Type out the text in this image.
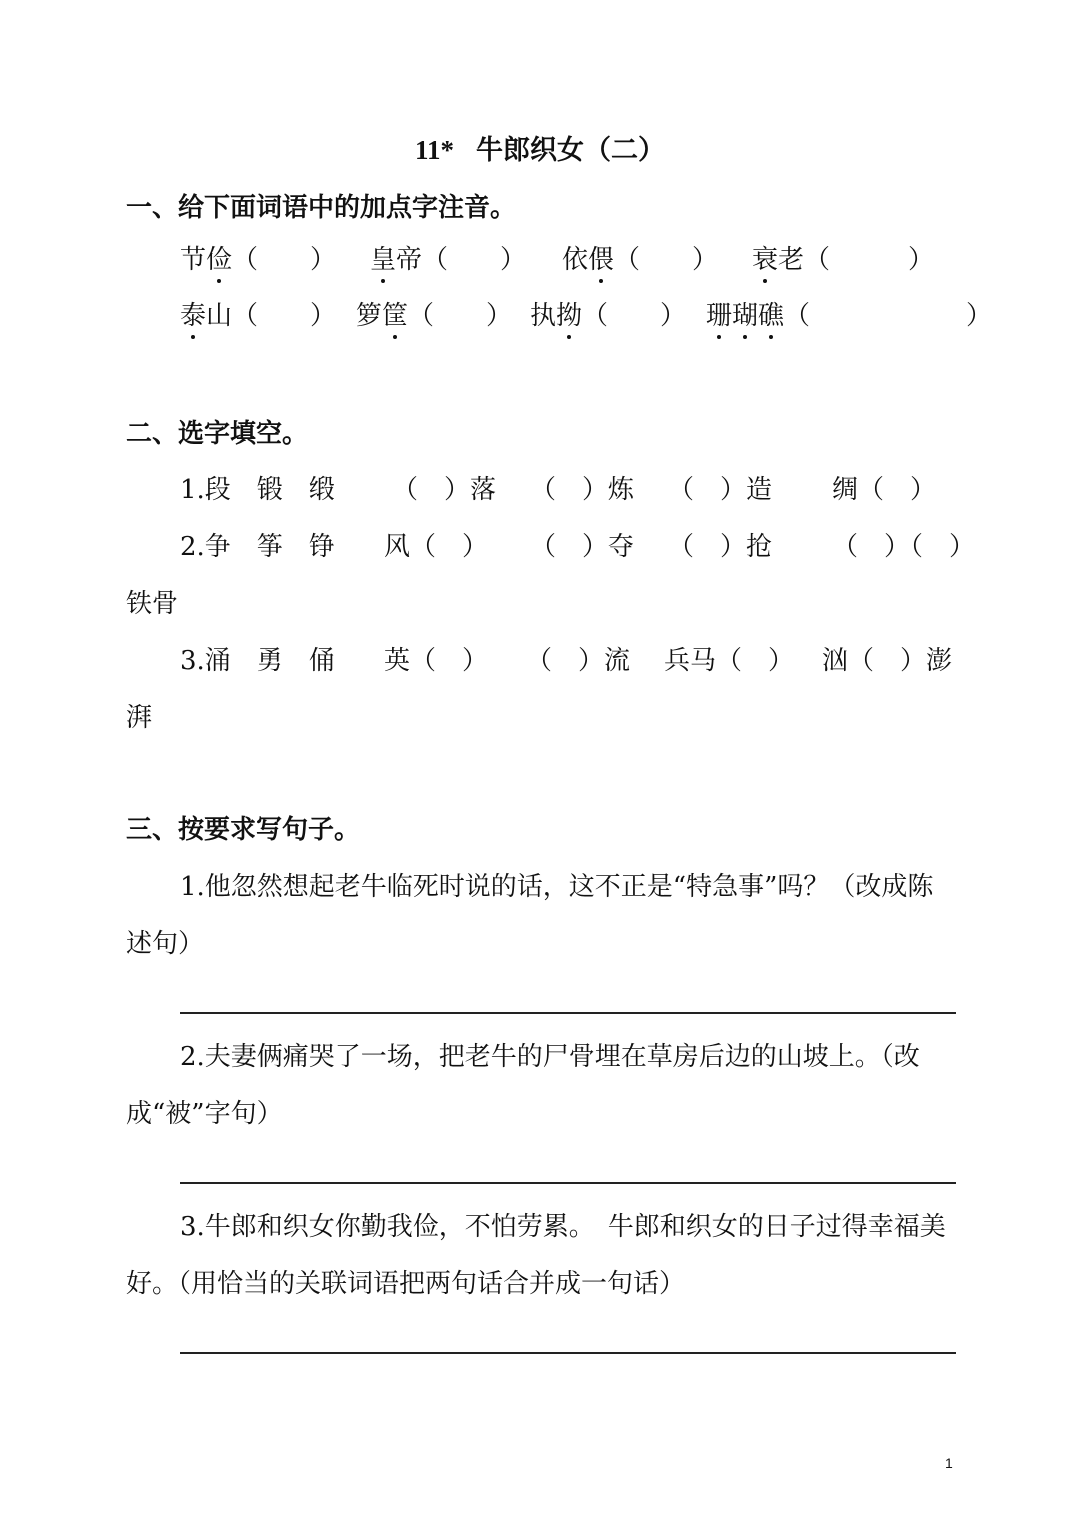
11* 牛郎织女（二）
一、给下面词语中的加点字注音。
节俭（　　） 皇帝（　　） 依偎（　　） 衰老（　　　）
泰山（　　） 箩筐（　　） 执拗（　　） 珊瑚礁（　　　　　　）
二、选字填空。
1.段　锻　缎 （　）落 （　）炼 （　）造 绸（　）
2.争　筝　铮 风（　） （　）夺 （　）抢 （　）（　）
铁骨
3.涌　勇　俑 英（　） （　）流 兵马（　） 汹（　）澎
湃
三、按要求写句子。
1.他忽然想起老牛临死时说的话，这不正是“特急事”吗？（改成陈述句）
2.夫妻俩痛哭了一场，把老牛的尸骨埋在草房后边的山坡上。（改成“被”字句）
3.牛郎和织女你勤我俭，不怕劳累。　牛郎和织女的日子过得幸福美好。（用恰当的关联词语把两句话合并成一句话）
1
